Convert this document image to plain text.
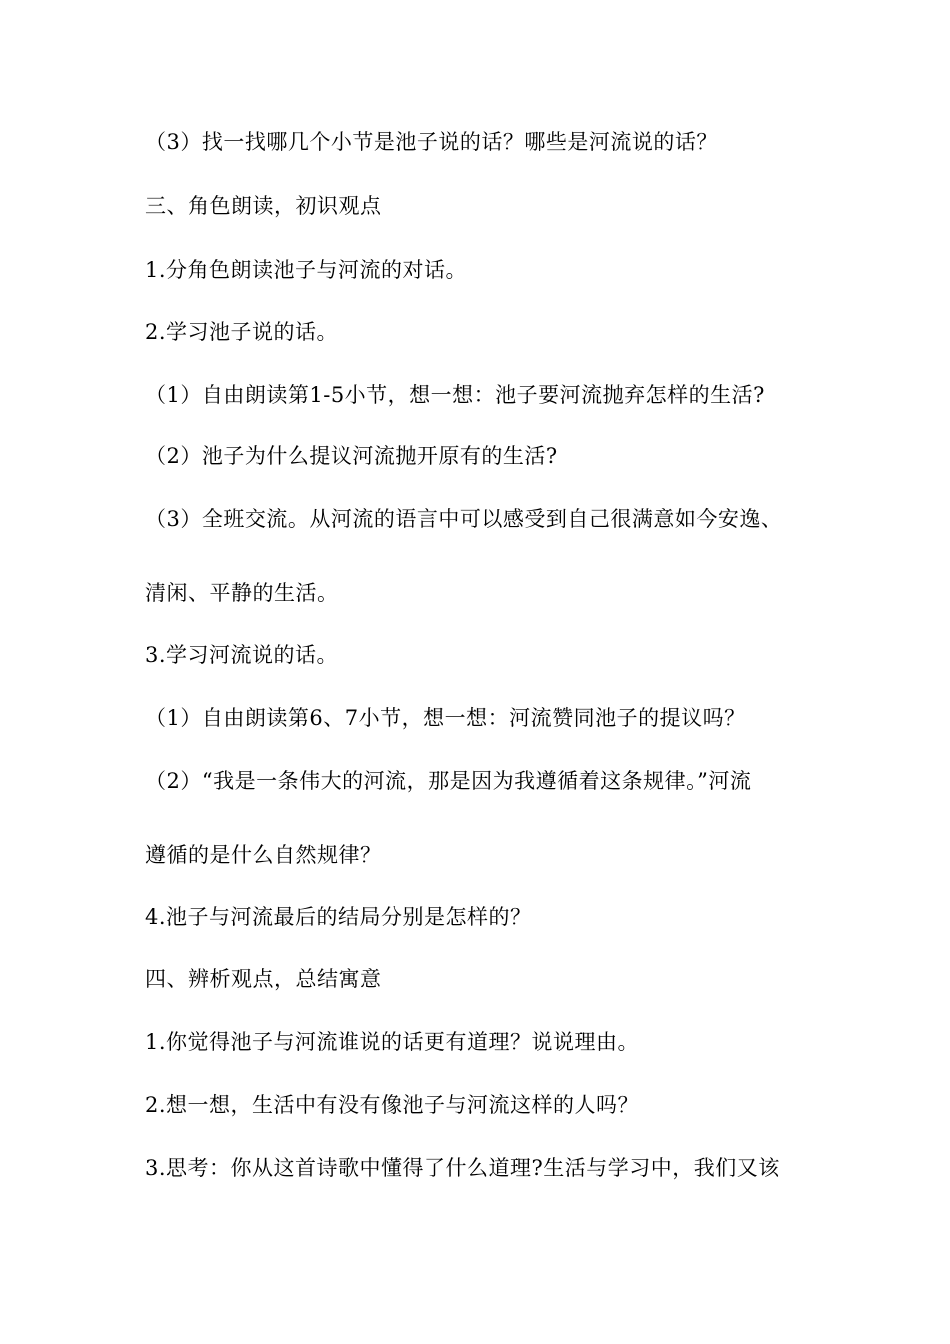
（3）找一找哪几个小节是池子说的话？哪些是河流说的话？
三、角色朗读，初识观点
1.分角色朗读池子与河流的对话。
2.学习池子说的话。
（1）自由朗读第1-5小节，想一想：池子要河流抛弃怎样的生活?
（2）池子为什么提议河流抛开原有的生活?
（3）全班交流。从河流的语言中可以感受到自己很满意如今安逸、
清闲、平静的生活。
3.学习河流说的话。
（1）自由朗读第6、7小节，想一想：河流赞同池子的提议吗？
（2）“我是一条伟大的河流，那是因为我遵循着这条规律。”河流
遵循的是什么自然规律？
4.池子与河流最后的结局分别是怎样的？
四、辨析观点，总结寓意
1.你觉得池子与河流谁说的话更有道理？说说理由。
2.想一想，生活中有没有像池子与河流这样的人吗？
3.思考：你从这首诗歌中懂得了什么道理?生活与学习中，我们又该
